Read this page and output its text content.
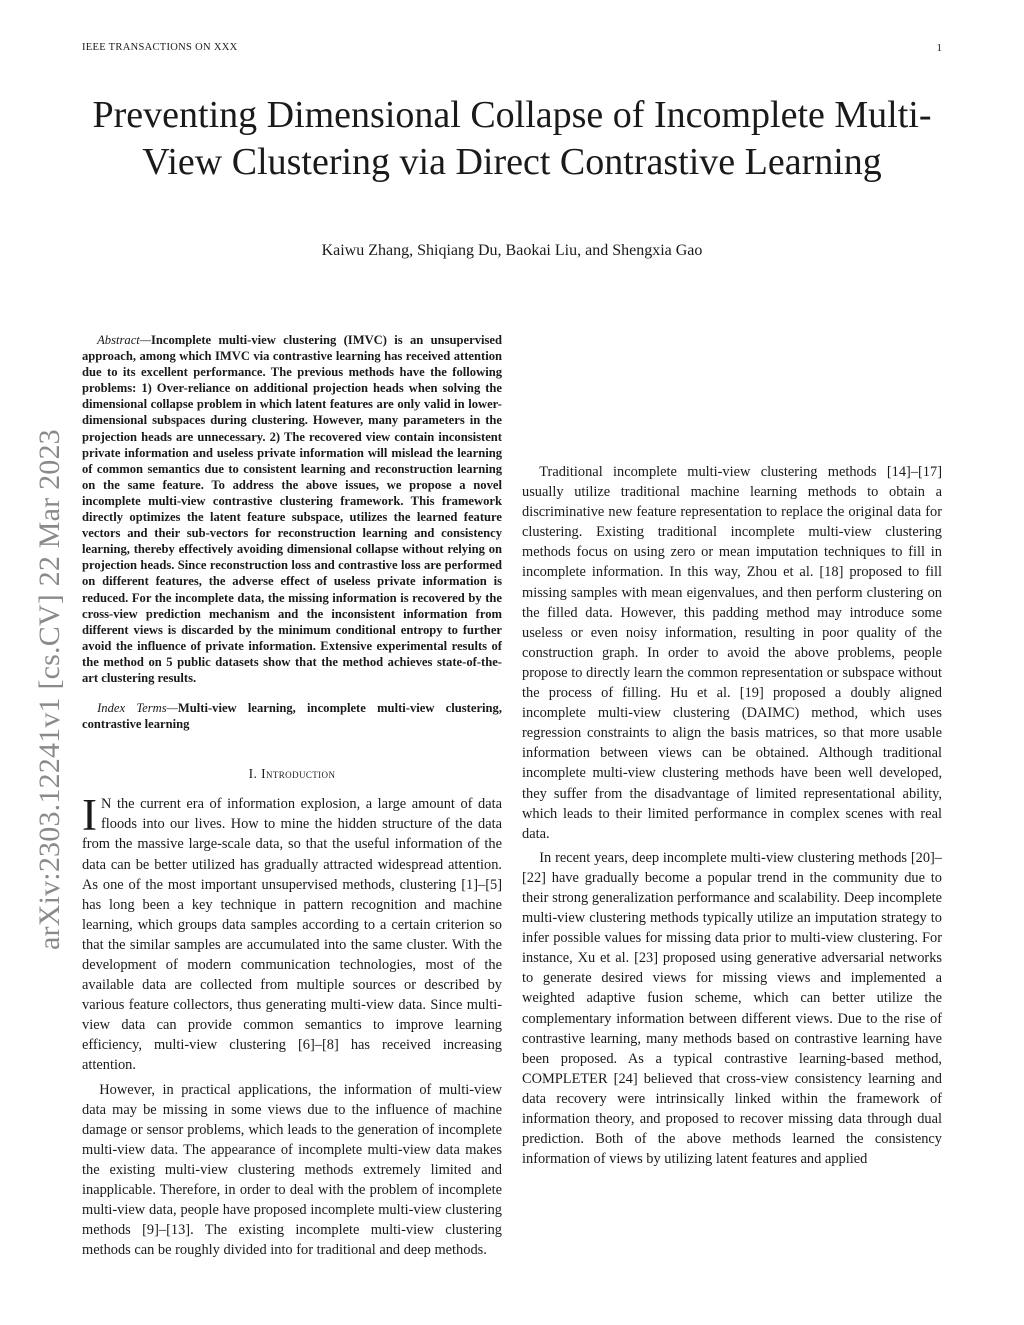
IEEE TRANSACTIONS ON XXX	1
Preventing Dimensional Collapse of Incomplete Multi-View Clustering via Direct Contrastive Learning
Kaiwu Zhang, Shiqiang Du, Baokai Liu, and Shengxia Gao
arXiv:2303.12241v1 [cs.CV] 22 Mar 2023

Abstract—Incomplete multi-view clustering (IMVC) is an unsupervised approach, among which IMVC via contrastive learning has received attention due to its excellent performance. The previous methods have the following problems: 1) Over-reliance on additional projection heads when solving the dimensional collapse problem in which latent features are only valid in lower-dimensional subspaces during clustering. However, many parameters in the projection heads are unnecessary. 2) The recovered view contain inconsistent private information and useless private information will mislead the learning of common semantics due to consistent learning and reconstruction learning on the same feature. To address the above issues, we propose a novel incomplete multi-view contrastive clustering framework. This framework directly optimizes the latent feature subspace, utilizes the learned feature vectors and their sub-vectors for reconstruction learning and consistency learning, thereby effectively avoiding dimensional collapse without relying on projection heads. Since reconstruction loss and contrastive loss are performed on different features, the adverse effect of useless private information is reduced. For the incomplete data, the missing information is recovered by the cross-view prediction mechanism and the inconsistent information from different views is discarded by the minimum conditional entropy to further avoid the influence of private information. Extensive experimental results of the method on 5 public datasets show that the method achieves state-of-the-art clustering results.

Index Terms—Multi-view learning, incomplete multi-view clustering, contrastive learning

I. Introduction

I N the current era of information explosion, a large amount of data floods into our lives. How to mine the hidden structure of the data from the massive large-scale data, so that the useful information of the data can be better utilized has gradually attracted widespread attention. As one of the most important unsupervised methods, clustering [1]–[5] has long been a key technique in pattern recognition and machine learning, which groups data samples according to a certain criterion so that the similar samples are accumulated into the same cluster. With the development of modern communication technologies, most of the available data are collected from multiple sources or described by various feature collectors, thus generating multi-view data. Since multi-view data can provide common semantics to improve learning efficiency, multi-view clustering [6]–[8] has received increasing attention.

However, in practical applications, the information of multi-view data may be missing in some views due to the influence of machine damage or sensor problems, which leads to the generation of incomplete multi-view data. The appearance of incomplete multi-view data makes the existing multi-view clustering methods extremely limited and inapplicable. Therefore, in order to deal with the problem of incomplete multi-view data, people have proposed incomplete multi-view clustering methods [9]–[13]. The existing incomplete multi-view clustering methods can be roughly divided into for traditional and deep methods.

Traditional incomplete multi-view clustering methods [14]–[17] usually utilize traditional machine learning methods to obtain a discriminative new feature representation to replace the original data for clustering. Existing traditional incomplete multi-view clustering methods focus on using zero or mean imputation techniques to fill in incomplete information. In this way, Zhou et al. [18] proposed to fill missing samples with mean eigenvalues, and then perform clustering on the filled data. However, this padding method may introduce some useless or even noisy information, resulting in poor quality of the construction graph. In order to avoid the above problems, people propose to directly learn the common representation or subspace without the process of filling. Hu et al. [19] proposed a doubly aligned incomplete multi-view clustering (DAIMC) method, which uses regression constraints to align the basis matrices, so that more usable information between views can be obtained. Although traditional incomplete multi-view clustering methods have been well developed, they suffer from the disadvantage of limited representational ability, which leads to their limited performance in complex scenes with real data.

In recent years, deep incomplete multi-view clustering methods [20]–[22] have gradually become a popular trend in the community due to their strong generalization performance and scalability. Deep incomplete multi-view clustering methods typically utilize an imputation strategy to infer possible values for missing data prior to multi-view clustering. For instance, Xu et al. [23] proposed using generative adversarial networks to generate desired views for missing views and implemented a weighted adaptive fusion scheme, which can better utilize the complementary information between different views. Due to the rise of contrastive learning, many methods based on contrastive learning have been proposed. As a typical contrastive learning-based method, COMPLETER [24] believed that cross-view consistency learning and data recovery were intrinsically linked within the framework of information theory, and proposed to recover missing data through dual prediction. Both of the above methods learned the consistency information of views by utilizing latent features and applied
